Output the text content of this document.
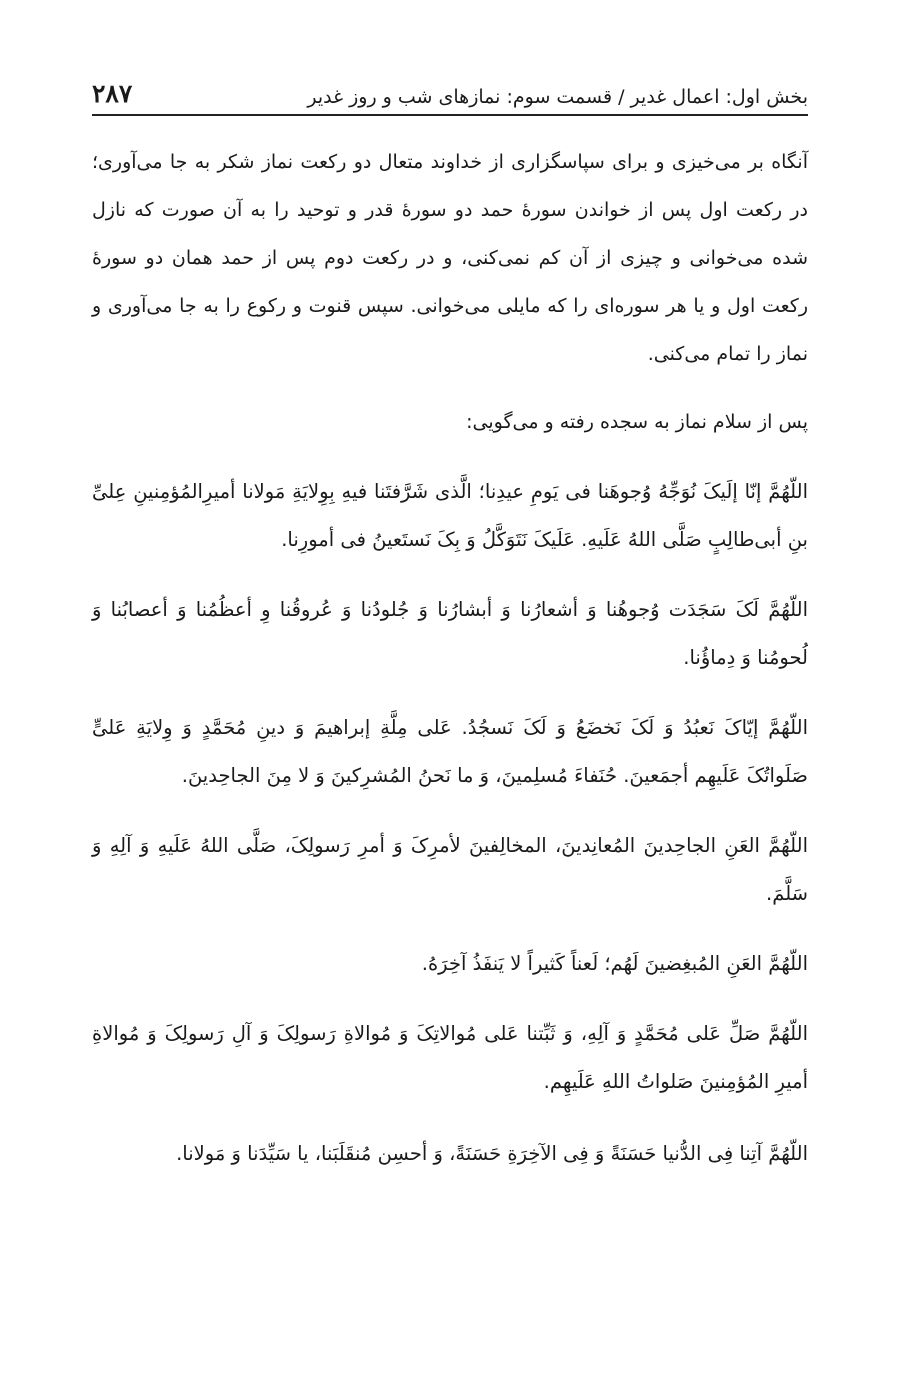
بخش اول: اعمال غدیر / قسمت سوم: نمازهای شب و روز غدیر
۲۸۷

آنگاه بر می‌خیزی و برای سپاسگزاری از خداوند متعال دو رکعت نماز شکر به جا می‌آوری؛ در رکعت اول پس از خواندن سورهٔ حمد دو سورهٔ قدر و توحید را به آن صورت که نازل شده می‌خوانی و چیزی از آن کم نمی‌کنی، و در رکعت دوم پس از حمد همان دو سورهٔ رکعت اول و یا هر سوره‌ای را که مایلی می‌خوانی. سپس قنوت و رکوع را به جا می‌آوری و نماز را تمام می‌کنی.

پس از سلام نماز به سجده رفته و می‌گویی:

اللّهُمَّ إنّا إلَیکَ نُوَجِّهُ وُجوهَنا فی یَومِ عیدِنا؛ الَّذی شَرَّفتَنا فیهِ بِوِلایَةِ مَولانا أميرِالمُؤمِنینِ عِلیِّ بنِ أبی‌طالِبٍ صَلَّى اللهُ عَلَیهِ. عَلَیکَ نَتَوَکَّلُ وَ بِکَ نَستَعینُ فی أمورِنا.

اللّهُمَّ لَکَ سَجَدَت وُجوهُنا وَ أشعارُنا وَ أبشارُنا وَ جُلودُنا وَ عُروقُنا وِ أعظُمُنا وَ أعصابُنا وَ لُحومُنا وَ دِماؤُنا.

اللّهُمَّ إیّاکَ نَعبُدُ وَ لَکَ نَخضَعُ وَ لَکَ نَسجُدُ. عَلى مِلَّةِ إبراهیمَ وَ دینِ مُحَمَّدٍ وَ وِلایَةِ عَلیٍّ صَلَواتُکَ عَلَیهِم أجمَعینَ. حُنَفاءَ مُسلِمینَ، وَ ما نَحنُ المُشرِکینَ وَ لا مِنَ الجاحِدینَ.

اللّهُمَّ العَنِ الجاحِدینَ المُعانِدینَ، المخالِفینَ لأمرِکَ وَ أمرِ رَسولِکَ، صَلَّى اللهُ عَلَیهِ وَ آلِهِ وَ سَلَّمَ.

اللّهُمَّ العَنِ المُبغِضینَ لَهُم؛ لَعناً کَثیراً لا یَنفَذُ آخِرَهُ.

اللّهُمَّ صَلِّ عَلى مُحَمَّدٍ وَ آلِهِ، وَ ثَبِّتنا عَلى مُوالاتِکَ وَ مُوالاةِ رَسولِکَ وَ آلِ رَسولِکَ وَ مُوالاةِ أميرِ المُؤمِنینَ صَلواتُ اللهِ عَلَیهِم.

اللّهُمَّ آتِنا فِی الدُّنیا حَسَنَةً وَ فِی الآخِرَةِ حَسَنَةً، وَ أحسِن مُنقَلَبَنا، یا سَیِّدَنا وَ مَولانا.
